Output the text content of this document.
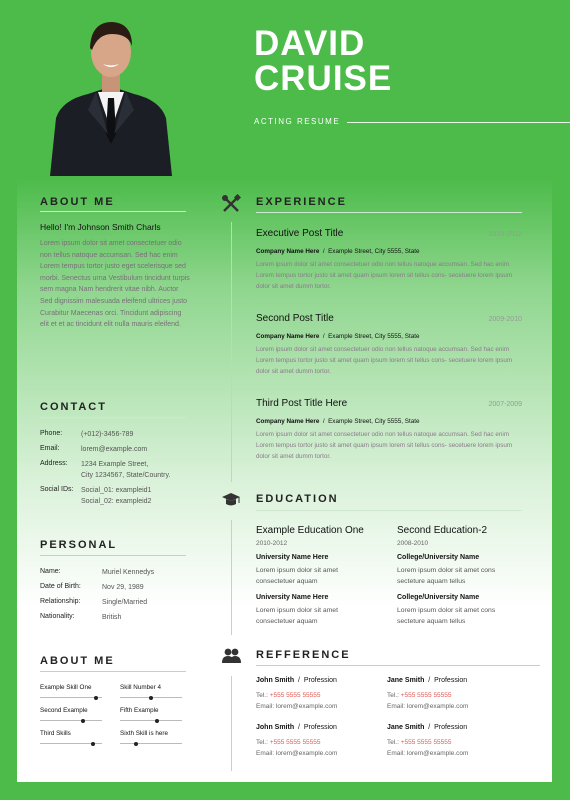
DAVID
CRUISE
ACTING RESUME
ABOUT ME
Hello! I'm Johnson Smith Charls
Lorem ipsum dolor sit amet consectetuer odio non tellus natoque accumsan. Sed hac enim Lorem tempus tortor justo eget scelerisque sed morbi. Senectus urna Vestibulum tincidunt turpis sem magna Nam hendrerit vitae nibh. Auctor Sed dignissim malesuada eleifend ultrices justo Curabitur Maecenas orci. Tincidunt adipiscing elit et et ac tincidunt elit nulla mauris eleifend.
CONTACT
Phone:	(+012)-3456-789
Email:	lorem@example.com
Address: 1234 Example Street,
City 1234567, State/Country.
Social IDs: Social_01: exampleid1
Social_02: exampleid2
PERSONAL
Name:	Muriel Kennedys
Date of Birth:	Nov 29, 1989
Relationship:	Single/Married
Nationality:	British
ABOUT ME
Example Skill One	Skill Number 4
Second Example	Fifth Example
Third Skills	Sixth Skill is here
EXPERIENCE
Executive Post Title	2010-2012
Company Name Here  /  Example Street, City 5555, State
Lorem ipsum dolor sit amet consectetuer odio non tellus natoque accumsan. Sed hac enim Lorem tempus tortor justo sit amet quam ipsum lorem sit tellus cons- secetuere lorem ipsum dolor sit amet dumm tortor.
Second Post Title	2009-2010
Company Name Here  /  Example Street, City 5555, State
Lorem ipsum dolor sit amet consectetuer odio non tellus natoque accumsan. Sed hac enim Lorem tempus tortor justo sit amet quam ipsum lorem sit tellus cons- secetuere lorem ipsum dolor sit amet dumm tortor.
Third Post Title Here	2007-2009
Company Name Here  /  Example Street, City 5555, State
Lorem ipsum dolor sit amet consectetuer odio non tellus natoque accumsan. Sed hac enim Lorem tempus tortor justo sit amet quam ipsum lorem sit tellus cons- secetuere lorem ipsum dolor sit amet dumm tortor.
EDUCATION
Example Education One
2010-2012
University Name Here
Lorem ipsum dolor sit amet
consectetuer aquam
University Name Here
Lorem ipsum dolor sit amet
consectetuer aquam
Second Education-2
2008-2010
College/University Name
Lorem ipsum dolor sit amet cons
secteture aquam tellus
College/University Name
Lorem ipsum dolor sit amet cons
secteture aquam tellus
REFFERENCE
John Smith  /  Profession
Tel.: +555 5555 55555
Email: lorem@example.com
Jane Smith  /  Profession
Tel.: +555 5555 55555
Email: lorem@example.com
John Smith  /  Profession
Tel.: +555 5555 55555
Email: lorem@example.com
Jane Smith  /  Profession
Tel.: +555 5555 55555
Email: lorem@example.com
